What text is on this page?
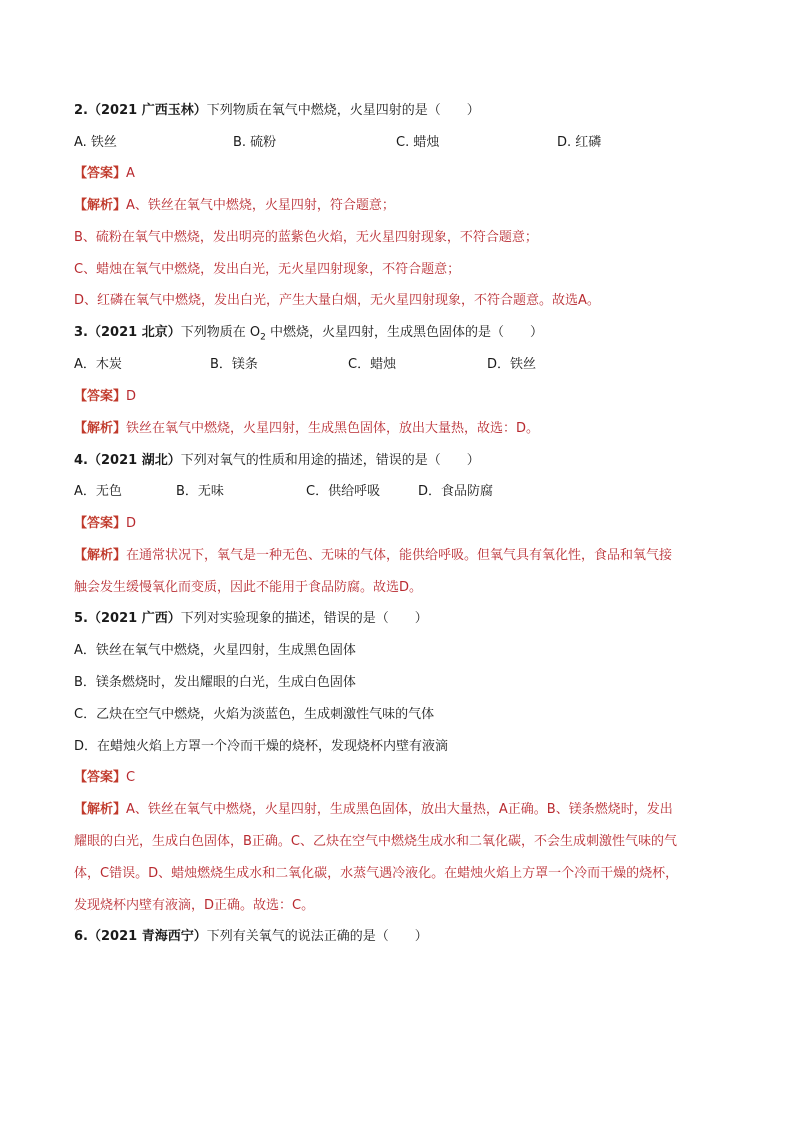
2.（2021 广西玉林）下列物质在氧气中燃烧，火星四射的是（　　）
A. 铁丝	B. 硫粉	C. 蜡烛	D. 红磷
【答案】A
【解析】A、铁丝在氧气中燃烧，火星四射，符合题意；
B、硫粉在氧气中燃烧，发出明亮的蓝紫色火焰，无火星四射现象，不符合题意；
C、蜡烛在氧气中燃烧，发出白光，无火星四射现象，不符合题意；
D、红磷在氧气中燃烧，发出白光，产生大量白烟，无火星四射现象，不符合题意。故选A。
3.（2021 北京）下列物质在 $O_2$ 中燃烧，火星四射，生成黑色固体的是（　　）
A．木炭	B．镁条	C．蜡烛	D．铁丝
【答案】D
【解析】铁丝在氧气中燃烧，火星四射，生成黑色固体，放出大量热，故选：D。
4.（2021 湖北）下列对氧气的性质和用途的描述，错误的是（　　）
A．无色	B．无味	C．供给呼吸	D．食品防腐
【答案】D
【解析】在通常状况下，氧气是一种无色、无味的气体，能供给呼吸。但氧气具有氧化性，食品和氧气接
触会发生缓慢氧化而变质，因此不能用于食品防腐。故选D。
5.（2021 广西）下列对实验现象的描述，错误的是（　　）
A．铁丝在氧气中燃烧，火星四射，生成黑色固体
B．镁条燃烧时，发出耀眼的白光，生成白色固体
C．乙炔在空气中燃烧，火焰为淡蓝色，生成刺激性气味的气体
D．在蜡烛火焰上方罩一个冷而干燥的烧杯，发现烧杯内壁有液滴
【答案】C
【解析】A、铁丝在氧气中燃烧，火星四射，生成黑色固体，放出大量热，A正确。B、镁条燃烧时，发出
耀眼的白光，生成白色固体，B正确。C、乙炔在空气中燃烧生成水和二氧化碳，不会生成刺激性气味的气
体，C错误。D、蜡烛燃烧生成水和二氧化碳，水蒸气遇冷液化。在蜡烛火焰上方罩一个冷而干燥的烧杯，
发现烧杯内壁有液滴，D正确。故选：C。
6.（2021 青海西宁）下列有关氧气的说法正确的是（　　）
